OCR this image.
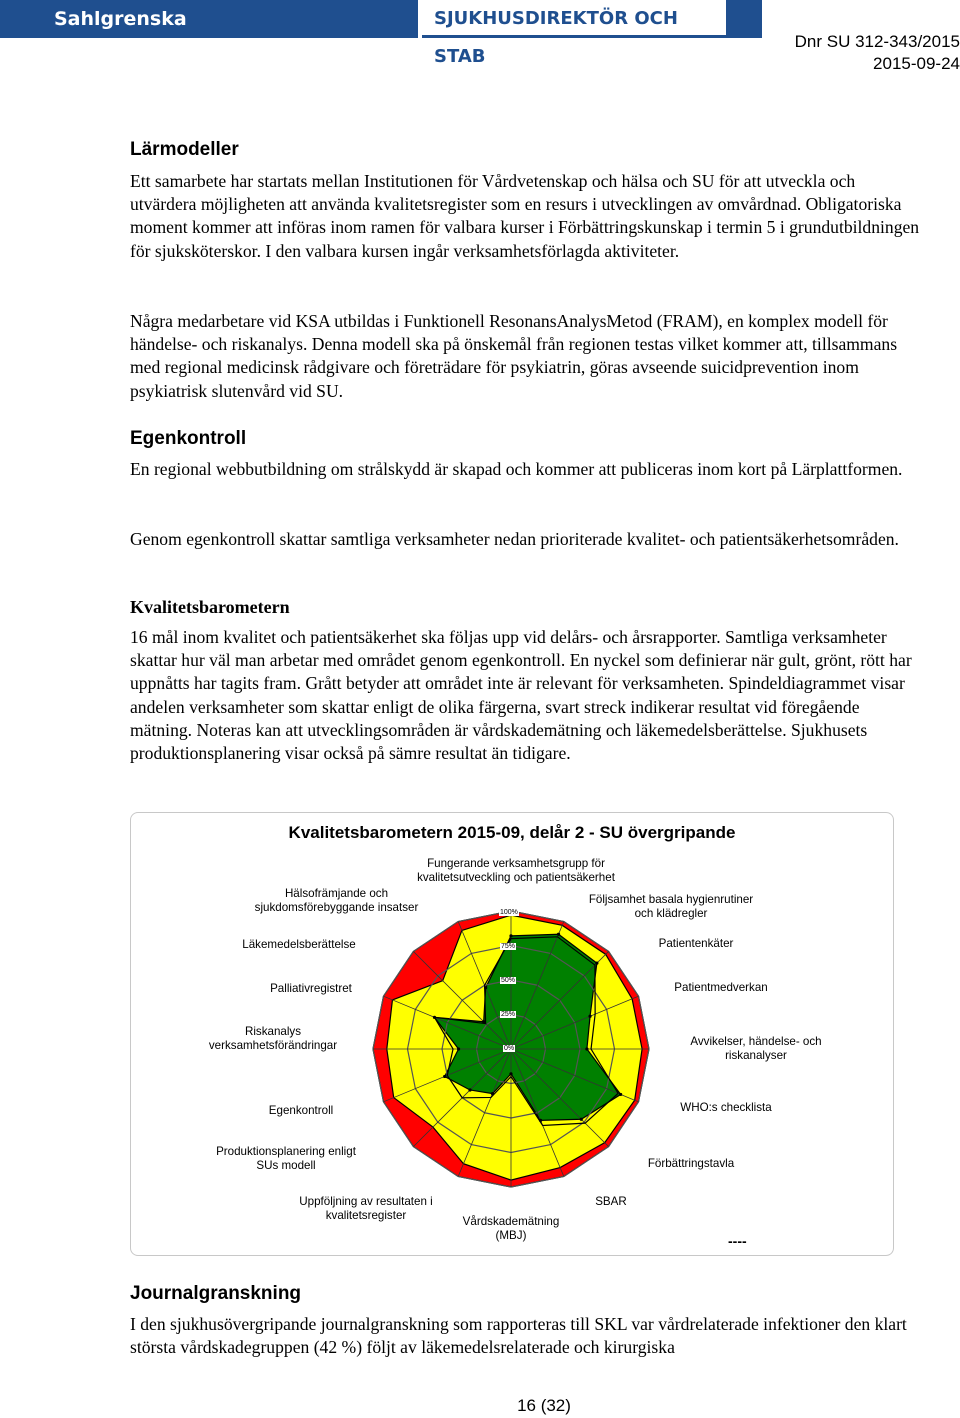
Sahlgrenska Universitetssjukhuset
SJUKHUSDIREKTÖR OCH STAB
Dnr SU 312-343/2015
2015-09-24
Lärmodeller

Ett samarbete har startats mellan Institutionen för Vårdvetenskap och hälsa och SU för att utveckla och utvärdera möjligheten att använda kvalitetsregister som en resurs i utvecklingen av omvårdnad. Obligatoriska moment kommer att införas inom ramen för valbara kurser i Förbättringskunskap i termin 5 i grundutbildningen för sjuksköterskor. I den valbara kursen ingår verksamhetsförlagda aktiviteter.

Några medarbetare vid KSA utbildas i Funktionell ResonansAnalysMetod (FRAM), en komplex modell för händelse- och riskanalys. Denna modell ska på önskemål från regionen testas vilket kommer att, tillsammans med regional medicinsk rådgivare och företrädare för psykiatrin, göras avseende suicidprevention inom psykiatrisk slutenvård vid SU.

Egenkontroll

En regional webbutbildning om strålskydd är skapad och kommer att publiceras inom kort på Lärplattformen.

Genom egenkontroll skattar samtliga verksamheter nedan prioriterade kvalitet- och patientsäkerhetsområden.

Kvalitetsbarometern

16 mål inom kvalitet och patientsäkerhet ska följas upp vid delårs- och årsrapporter. Samtliga verksamheter skattar hur väl man arbetar med området genom egenkontroll. En nyckel som definierar när gult, grönt, rött har uppnåtts har tagits fram. Grått betyder att området inte är relevant för verksamheten. Spindeldiagrammet visar andelen verksamheter som skattar enligt de olika färgerna, svart streck indikerar resultat vid föregående mätning. Noteras kan att utvecklingsområden är vårdskademätning och läkemedelsberättelse. Sjukhusets produktionsplanering visar också på sämre resultat än tidigare.

Kvalitetsbarometern 2015-09, delår 2 - SU övergripande
Fungerande verksamhetsgrupp för kvalitetsutveckling och patientsäkerhet
Följsamhet basala hygienrutiner och klädregler
Patientenkäter
Patientmedverkan
Avvikelser, händelse- och riskanalyser
WHO:s checklista
Förbättringstavla
SBAR
Vårdskademätning (MBJ)
Uppföljning av resultaten i kvalitetsregister
Produktionsplanering enligt SUs modell
Egenkontroll
Riskanalys verksamhetsförändringar
Palliativregistret
Läkemedelsberättelse
Hälsofrämjande och sjukdomsförebyggande insatser	100%
75%
50%
25%
0%
----
Journalgranskning

I den sjukhusövergripande journalgranskning som rapporteras till SKL var vårdrelaterade infektioner den klart största vårdskadegruppen (42 %) följt av läkemedelsrelaterade och kirurgiska

16 (32)
